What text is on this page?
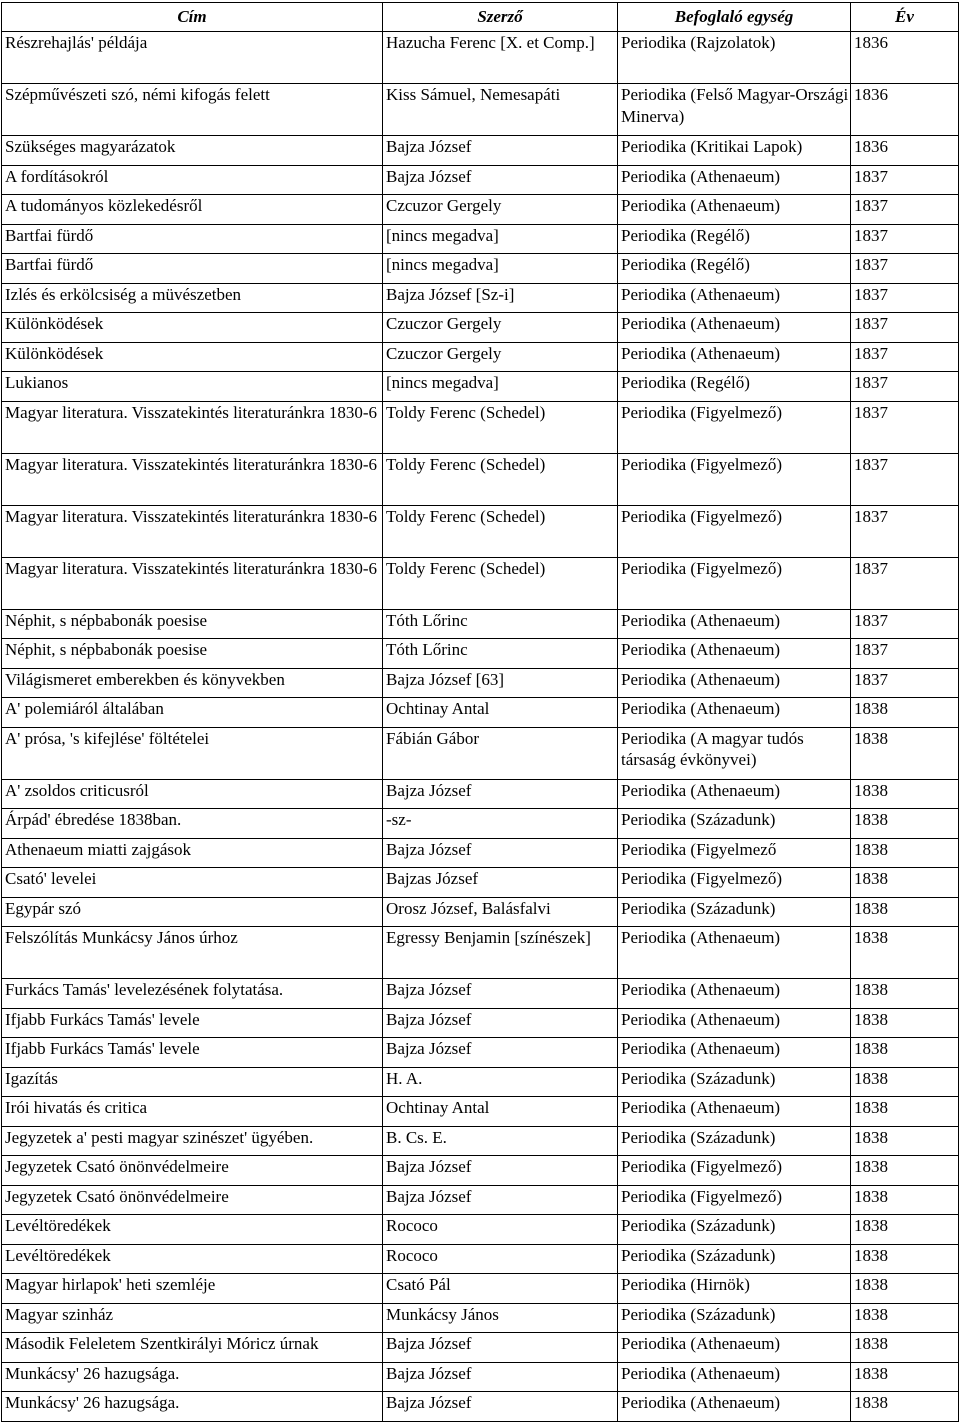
Cím	Szerző	Befoglaló egység	Év
Részrehajlás' példája	Hazucha Ferenc [X. et Comp.]	Periodika (Rajzolatok)	1836
Szépművészeti szó, némi kifogás felett	Kiss Sámuel, Nemesapáti	Periodika (Felső Magyar-Országi Minerva)	1836
Szükséges magyarázatok	Bajza József	Periodika (Kritikai Lapok)	1836
A fordításokról	Bajza József	Periodika (Athenaeum)	1837
A tudományos közlekedésről	Czcuzor Gergely	Periodika (Athenaeum)	1837
Bartfai fürdő	[nincs megadva]	Periodika (Regélő)	1837
Bartfai fürdő	[nincs megadva]	Periodika (Regélő)	1837
Izlés és erkölcsiség a müvészetben	Bajza József [Sz-i]	Periodika (Athenaeum)	1837
Különködések	Czuczor Gergely	Periodika (Athenaeum)	1837
Különködések	Czuczor Gergely	Periodika (Athenaeum)	1837
Lukianos	[nincs megadva]	Periodika (Regélő)	1837
Magyar literatura. Visszatekintés literaturánkra 1830-6	Toldy Ferenc (Schedel)	Periodika (Figyelmező)	1837
Magyar literatura. Visszatekintés literaturánkra 1830-6	Toldy Ferenc (Schedel)	Periodika (Figyelmező)	1837
Magyar literatura. Visszatekintés literaturánkra 1830-6	Toldy Ferenc (Schedel)	Periodika (Figyelmező)	1837
Magyar literatura. Visszatekintés literaturánkra 1830-6	Toldy Ferenc (Schedel)	Periodika (Figyelmező)	1837
Néphit, s népbabonák poesise	Tóth Lőrinc	Periodika (Athenaeum)	1837
Néphit, s népbabonák poesise	Tóth Lőrinc	Periodika (Athenaeum)	1837
Világismeret emberekben és könyvekben	Bajza József [63]	Periodika (Athenaeum)	1837
A' polemiáról általában	Ochtinay Antal	Periodika (Athenaeum)	1838
A' prósa, 's kifejlése' föltételei	Fábián Gábor	Periodika (A magyar tudós társaság évkönyvei)	1838
A' zsoldos criticusról	Bajza József	Periodika (Athenaeum)	1838
Árpád' ébredése 1838ban.	-sz-	Periodika (Századunk)	1838
Athenaeum miatti zajgások	Bajza József	Periodika (Figyelmező	1838
Csató' levelei	Bajzas József	Periodika (Figyelmező)	1838
Egypár szó	Orosz József, Balásfalvi	Periodika (Századunk)	1838
Felszólítás Munkácsy János úrhoz	Egressy Benjamin [színészek]	Periodika (Athenaeum)	1838
Furkács Tamás' levelezésének folytatása.	Bajza József	Periodika (Athenaeum)	1838
Ifjabb Furkács Tamás' levele	Bajza József	Periodika (Athenaeum)	1838
Ifjabb Furkács Tamás' levele	Bajza József	Periodika (Athenaeum)	1838
Igazítás	H. A.	Periodika (Századunk)	1838
Irói hivatás és critica	Ochtinay Antal	Periodika (Athenaeum)	1838
Jegyzetek a' pesti magyar szinészet' ügyében.	B. Cs. E.	Periodika (Századunk)	1838
Jegyzetek Csató önönvédelmeire	Bajza József	Periodika (Figyelmező)	1838
Jegyzetek Csató önönvédelmeire	Bajza József	Periodika (Figyelmező)	1838
Levéltöredékek	Rococo	Periodika (Századunk)	1838
Levéltöredékek	Rococo	Periodika (Századunk)	1838
Magyar hirlapok' heti szemléje	Csató Pál	Periodika (Hirnök)	1838
Magyar szinház	Munkácsy János	Periodika (Századunk)	1838
Második Feleletem Szentkirályi Móricz úrnak	Bajza József	Periodika (Athenaeum)	1838
Munkácsy' 26 hazugsága.	Bajza József	Periodika (Athenaeum)	1838
Munkácsy' 26 hazugsága.	Bajza József	Periodika (Athenaeum)	1838
